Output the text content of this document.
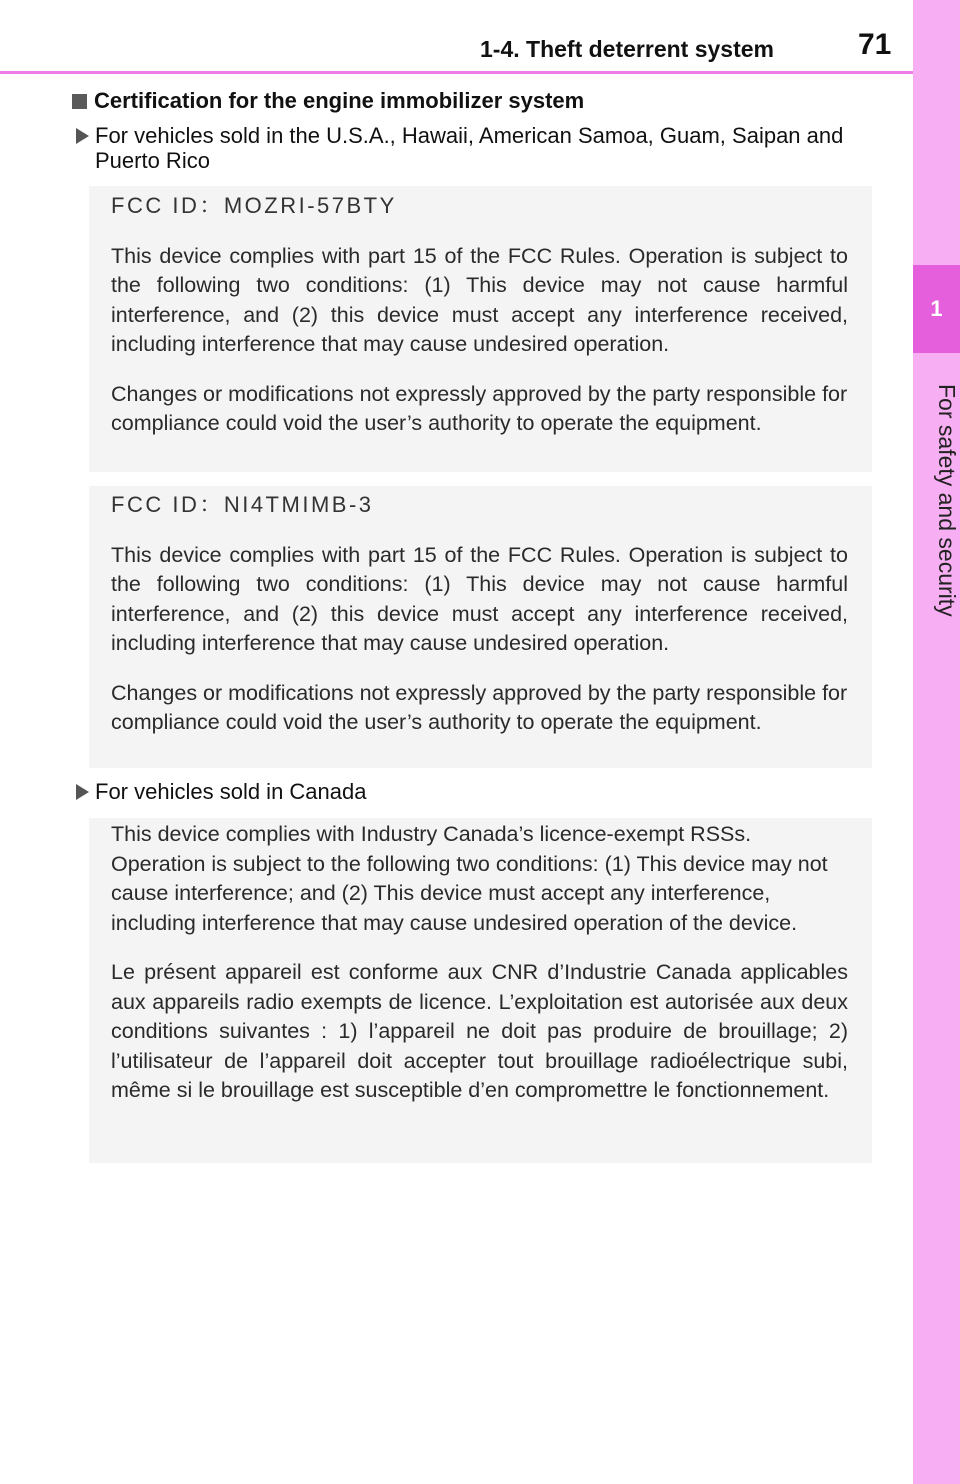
1
For safety and security
1-4. Theft deterrent system	71
Certification for the engine immobilizer system
For vehicles sold in the U.S.A., Hawaii, American Samoa, Guam, Saipan and Puerto Rico
FCC ID：MOZRI-57BTY

This device complies with part 15 of the FCC Rules. Operation is subject to the following two conditions: (1) This device may not cause harmful interference, and (2) this device must accept any interference received, including interference that may cause undesired operation.

Changes or modifications not expressly approved by the party responsible for compliance could void the user’s authority to operate the equipment.

FCC ID：NI4TMIMB-3

This device complies with part 15 of the FCC Rules. Operation is subject to the following two conditions: (1) This device may not cause harmful interference, and (2) this device must accept any interference received, including interference that may cause undesired operation.

Changes or modifications not expressly approved by the party responsible for compliance could void the user’s authority to operate the equipment.

For vehicles sold in Canada

This device complies with Industry Canada’s licence-exempt RSSs. Operation is subject to the following two conditions: (1) This device may not cause interference; and (2) This device must accept any interference, including interference that may cause undesired operation of the device.

Le présent appareil est conforme aux CNR d’Industrie Canada applicables aux appareils radio exempts de licence. L’exploitation est autorisée aux deux conditions suivantes : 1) l’appareil ne doit pas produire de brouillage; 2) l’utilisateur de l’appareil doit accepter tout brouillage radioélectrique subi, même si le brouillage est susceptible d’en compromettre le fonctionnement.
